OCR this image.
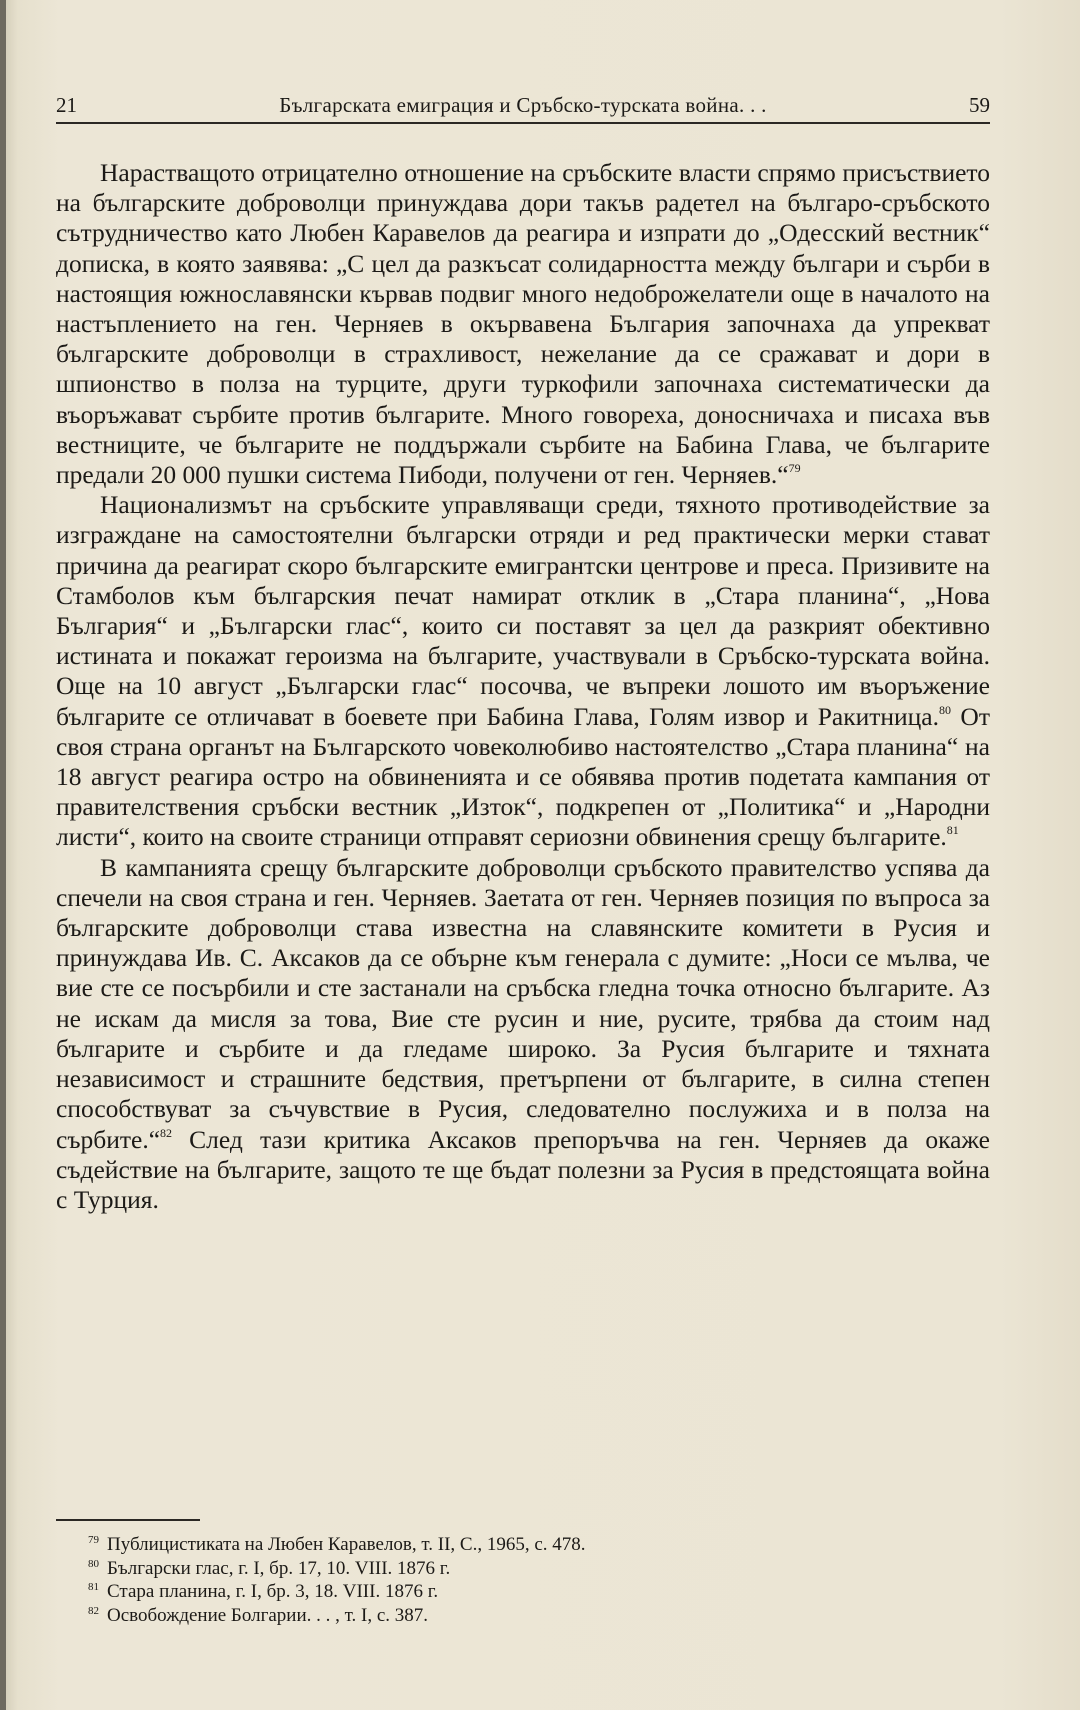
21	Българската емиграция и Сръбско-турската война. . .	59

Нарастващото отрицателно отношение на сръбските власти спрямо присъствието на българските доброволци принуждава дори такъв радетел на българо-сръбското сътрудничество като Любен Каравелов да реагира и изпрати до „Одесский вестник“ дописка, в която заявява: „С цел да разкъсат солидарността между българи и сърби в настоящия южнославянски кървав подвиг много недоброжелатели още в началото на настъплението на ген. Черняев в окървавена България започнаха да упрекват българските доброволци в страхливост, нежелание да се сражават и дори в шпионство в полза на турците, други туркофили започнаха систематически да въоръжават сърбите против българите. Много говореха, доносничаха и писаха във вестниците, че българите не поддържали сърбите на Бабина Глава, че българите предали 20 000 пушки система Пибоди, получени от ген. Черняев.“$^{79}$

Национализмът на сръбските управляващи среди, тяхното противодействие за изграждане на самостоятелни български отряди и ред практически мерки стават причина да реагират скоро българските емигрантски центрове и преса. Призивите на Стамболов към българския печат намират отклик в „Стара планина“, „Нова България“ и „Български глас“, които си поставят за цел да разкрият обективно истината и покажат героизма на българите, участвували в Сръбско-турската война. Още на 10 август „Български глас“ посочва, че въпреки лошото им въоръжение българите се отличават в боевете при Бабина Глава, Голям извор и Ракитница.$^{80}$ От своя страна органът на Българското човеколюбиво настоятелство „Стара планина“ на 18 август реагира остро на обвиненията и се обявява против подетата кампания от правителствения сръбски вестник „Изток“, подкрепен от „Политика“ и „Народни листи“, които на своите страници отправят сериозни обвинения срещу българите.$^{81}$

В кампанията срещу българските доброволци сръбското правителство успява да спечели на своя страна и ген. Черняев. Заетата от ген. Черняев позиция по въпроса за българските доброволци става известна на славянските комитети в Русия и принуждава Ив. С. Аксаков да се обърне към генерала с думите: „Носи се мълва, че вие сте се посърбили и сте застанали на сръбска гледна точка относно българите. Аз не искам да мисля за това, Вие сте русин и ние, руситe, трябва да стоим над българите и сърбите и да гледаме широко. За Русия българите и тяхната независимост и страшните бедствия, претърпени от българите, в силна степен способствуват за съчувствие в Русия, следователно послужиха и в полза на сърбите.“$^{82}$ След тази критика Аксаков препоръчва на ген. Черняев да окаже съдействие на българите, защото те ще бъдат полезни за Русия в предстоящата война с Турция.

$^{79}$ Публицистиката на Любен Каравелов, т. II, С., 1965, с. 478.

$^{80}$ Български глас, г. I, бр. 17, 10. VIII. 1876 г.

$^{81}$ Стара планина, г. I, бр. 3, 18. VIII. 1876 г.

$^{82}$ Освобождение Болгарии. . . , т. I, с. 387.
